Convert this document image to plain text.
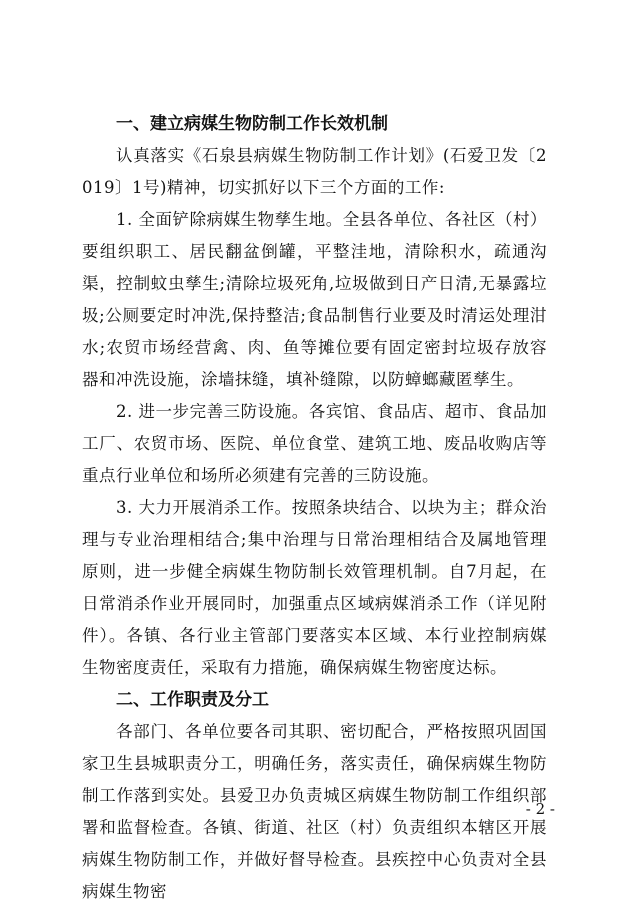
一、建立病媒生物防制工作长效机制

认真落实《石泉县病媒生物防制工作计划》(石爱卫发〔2019〕1号)精神，切实抓好以下三个方面的工作:

1. 全面铲除病媒生物孳生地。全县各单位、各社区（村）要组织职工、居民翻盆倒罐，平整洼地，清除积水，疏通沟渠，控制蚊虫孳生;清除垃圾死角,垃圾做到日产日清,无暴露垃圾;公厕要定时冲洗,保持整洁;食品制售行业要及时清运处理泔水;农贸市场经营禽、肉、鱼等摊位要有固定密封垃圾存放容器和冲洗设施，涂墙抹缝，填补缝隙，以防蟑螂藏匿孳生。

2. 进一步完善三防设施。各宾馆、食品店、超市、食品加工厂、农贸市场、医院、单位食堂、建筑工地、废品收购店等重点行业单位和场所必须建有完善的三防设施。

3. 大力开展消杀工作。按照条块结合、以块为主；群众治理与专业治理相结合;集中治理与日常治理相结合及属地管理原则，进一步健全病媒生物防制长效管理机制。自7月起，在日常消杀作业开展同时，加强重点区域病媒消杀工作（详见附件）。各镇、各行业主管部门要落实本区域、本行业控制病媒生物密度责任，采取有力措施，确保病媒生物密度达标。

二、工作职责及分工

各部门、各单位要各司其职、密切配合，严格按照巩固国家卫生县城职责分工，明确任务，落实责任，确保病媒生物防制工作落到实处。县爱卫办负责城区病媒生物防制工作组织部署和监督检查。各镇、街道、社区（村）负责组织本辖区开展病媒生物防制工作，并做好督导检查。县疾控中心负责对全县病媒生物密

- 2 -
